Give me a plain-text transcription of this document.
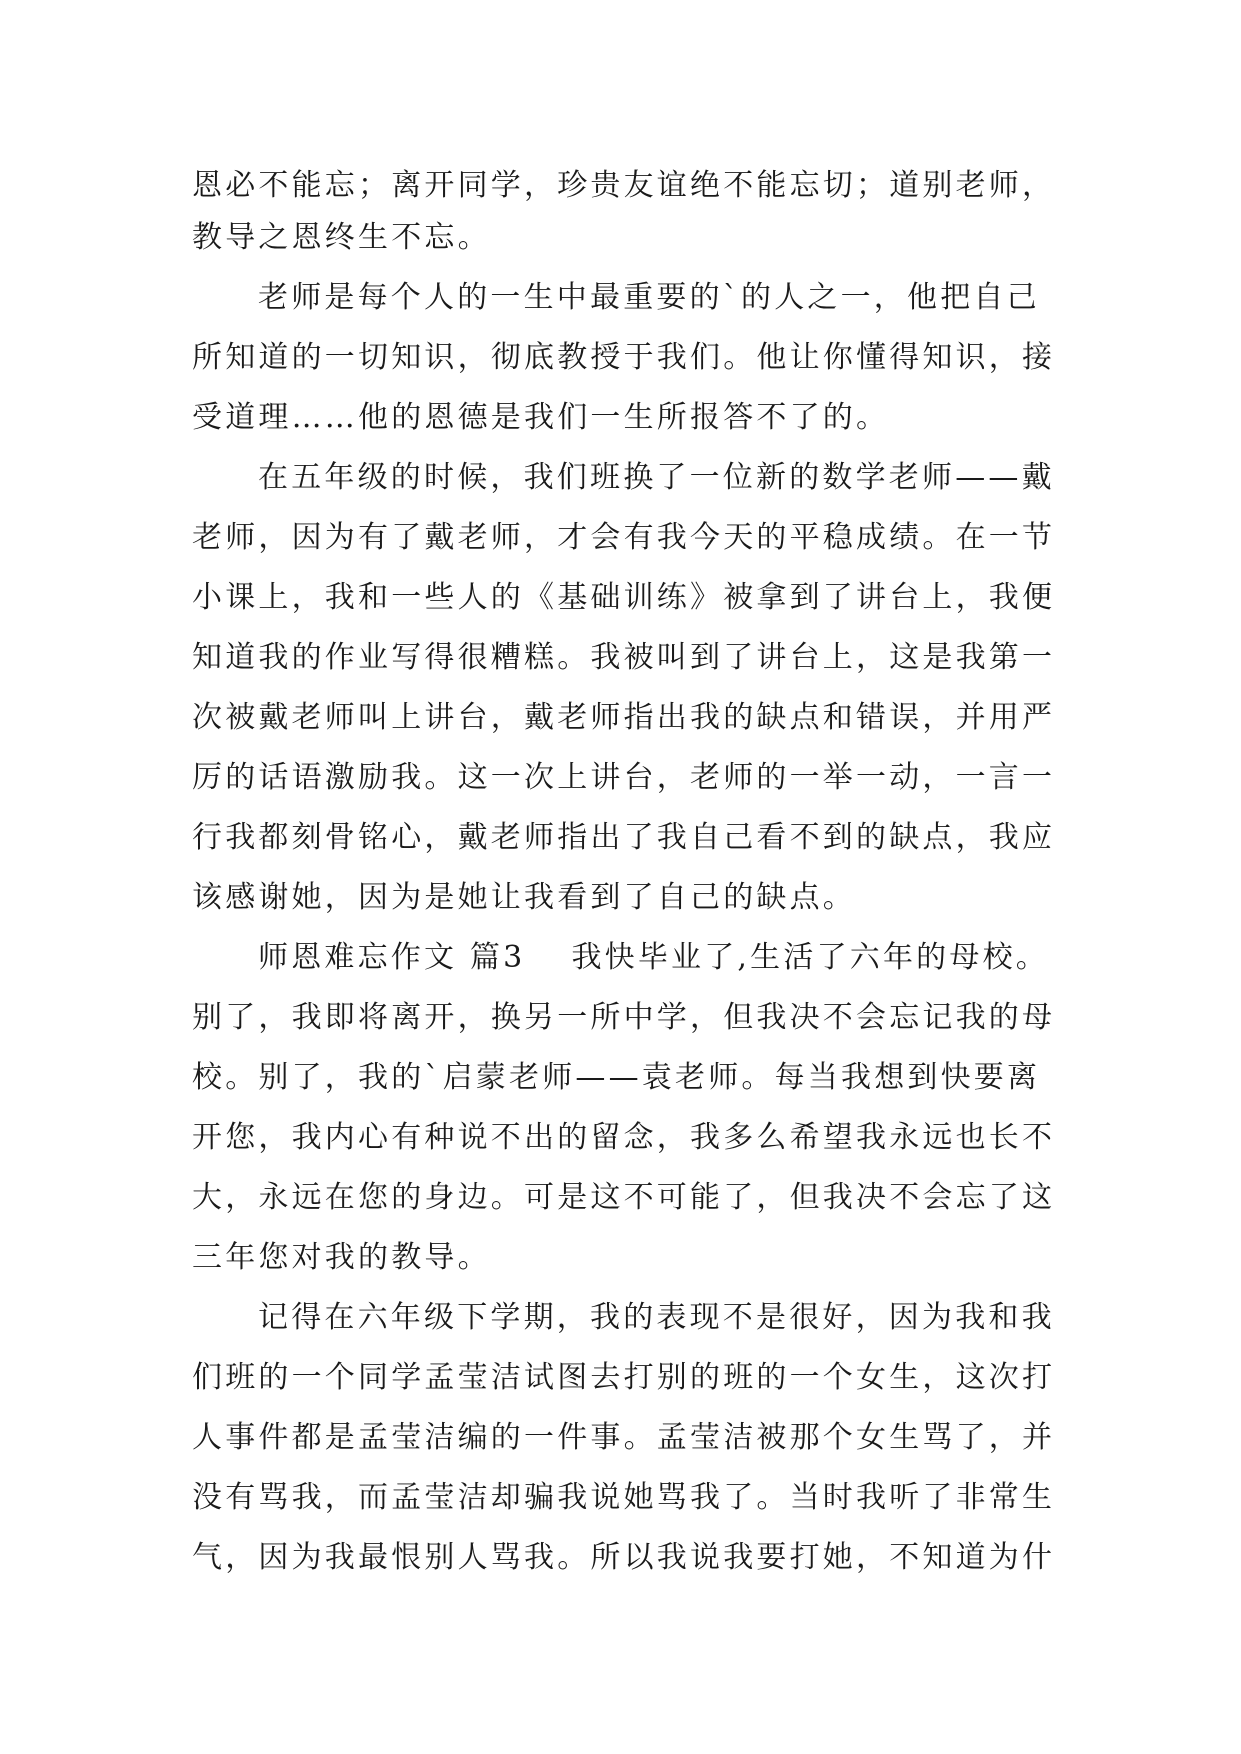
恩必不能忘；离开同学，珍贵友谊绝不能忘切；道别老师，
教导之恩终生不忘。
老师是每个人的一生中最重要的`的人之一，他把自己
所知道的一切知识，彻底教授于我们。他让你懂得知识，接
受道理……他的恩德是我们一生所报答不了的。
在五年级的时候，我们班换了一位新的数学老师——戴
老师，因为有了戴老师，才会有我今天的平稳成绩。在一节
小课上，我和一些人的《基础训练》被拿到了讲台上，我便
知道我的作业写得很糟糕。我被叫到了讲台上，这是我第一
次被戴老师叫上讲台，戴老师指出我的缺点和错误，并用严
厉的话语激励我。这一次上讲台，老师的一举一动，一言一
行我都刻骨铭心，戴老师指出了我自己看不到的缺点，我应
该感谢她，因为是她让我看到了自己的缺点。
师恩难忘作文 篇3 我快毕业了,生活了六年的母校。
别了，我即将离开，换另一所中学，但我决不会忘记我的母
校。别了，我的`启蒙老师——袁老师。每当我想到快要离
开您，我内心有种说不出的留念，我多么希望我永远也长不
大，永远在您的身边。可是这不可能了，但我决不会忘了这
三年您对我的教导。
记得在六年级下学期，我的表现不是很好，因为我和我
们班的一个同学孟莹洁试图去打别的班的一个女生，这次打
人事件都是孟莹洁编的一件事。孟莹洁被那个女生骂了，并
没有骂我，而孟莹洁却骗我说她骂我了。当时我听了非常生
气，因为我最恨别人骂我。所以我说我要打她，不知道为什
